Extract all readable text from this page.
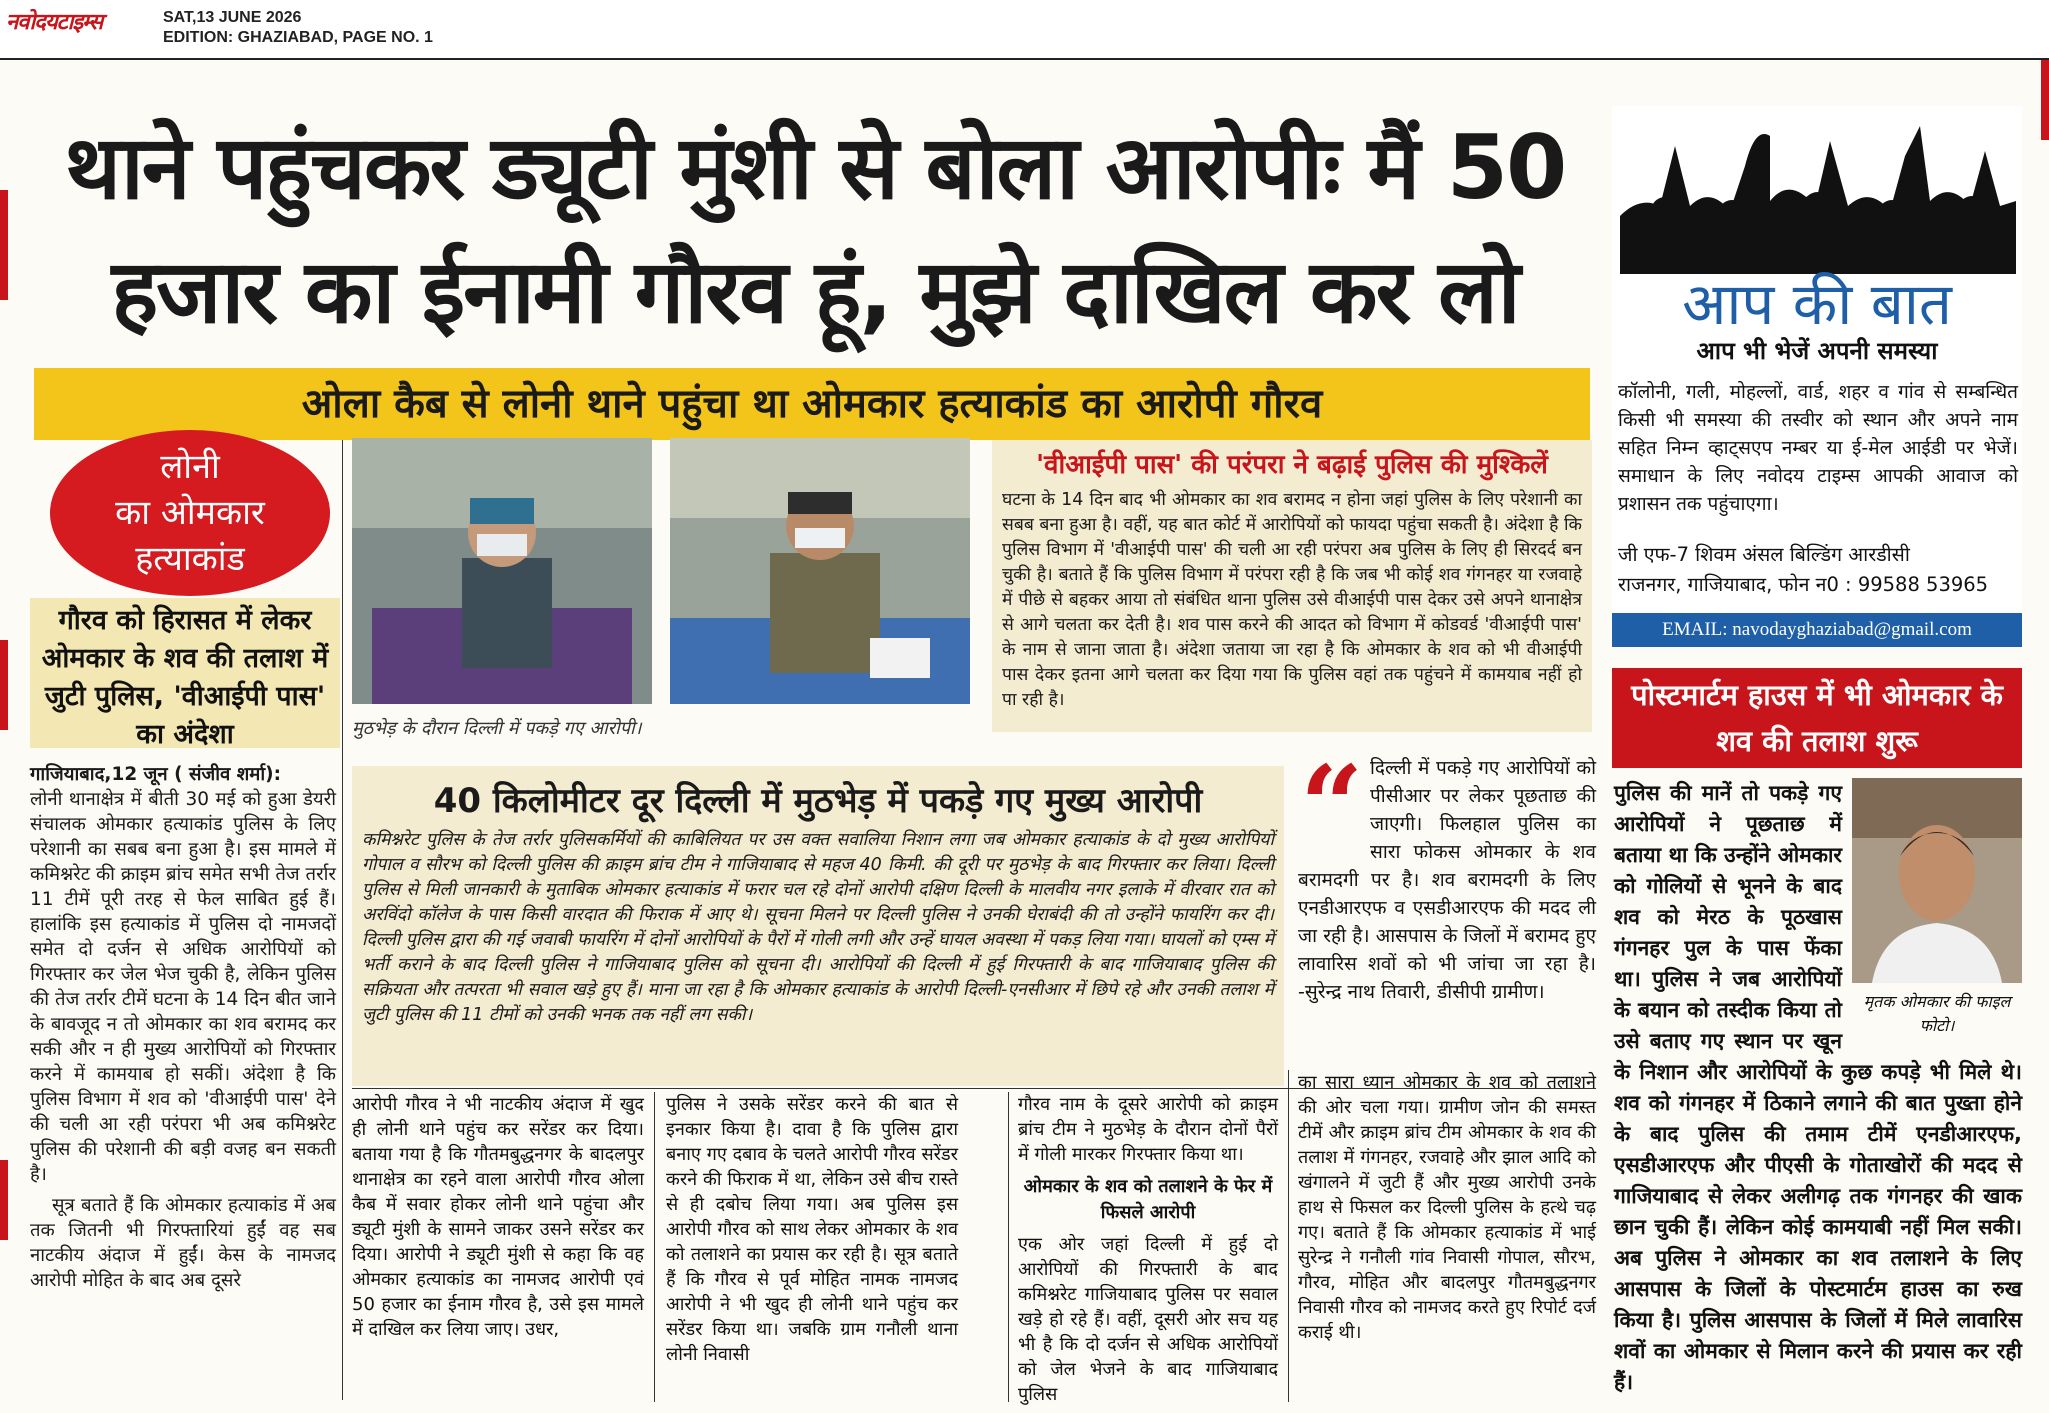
नवोदयटाइम्स	SAT,13 JUNE 2026
EDITION: GHAZIABAD, PAGE NO. 1
थाने पहुंचकर ड्यूटी मुंशी से बोला आरोपीः मैं 50
हजार का ईनामी गौरव हूं, मुझे दाखिल कर लो
ओला कैब से लोनी थाने पहुंचा था ओमकार हत्याकांड का आरोपी गौरव
लोनी
का ओमकार
हत्याकांड
गौरव को हिरासत में लेकर ओमकार के शव की तलाश में जुटी पुलिस, 'वीआईपी पास' का अंदेशा
गाजियाबाद,12 जून ( संजीव शर्मा):
लोनी थानाक्षेत्र में बीती 30 मई को हुआ डेयरी संचालक ओमकार हत्याकांड पुलिस के लिए परेशानी का सबब बना हुआ है। इस मामले में कमिश्नरेट की क्राइम ब्रांच समेत सभी तेज तर्रार 11 टीमें पूरी तरह से फेल साबित हुई हैं। हालांकि इस हत्याकांड में पुलिस दो नामजदों समेत दो दर्जन से अधिक आरोपियों को गिरफ्तार कर जेल भेज चुकी है, लेकिन पुलिस की तेज तर्रार टीमें घटना के 14 दिन बीत जाने के बावजूद न तो ओमकार का शव बरामद कर सकी और न ही मुख्य आरोपियों को गिरफ्तार करने में कामयाब हो सकीं। अंदेशा है कि पुलिस विभाग में शव को 'वीआईपी पास' देने की चली आ रही परंपरा भी अब कमिश्नरेट पुलिस की परेशानी की बड़ी वजह बन सकती है।
सूत्र बताते हैं कि ओमकार हत्याकांड में अब तक जितनी भी गिरफ्तारियां हुईं वह सब नाटकीय अंदाज में हुईं। केस के नामजद आरोपी मोहित के बाद अब दूसरे
मुठभेड़ के दौरान दिल्ली में पकड़े गए आरोपी।
'वीआईपी पास' की परंपरा ने बढ़ाई पुलिस की मुश्किलें
घटना के 14 दिन बाद भी ओमकार का शव बरामद न होना जहां पुलिस के लिए परेशानी का सबब बना हुआ है। वहीं, यह बात कोर्ट में आरोपियों को फायदा पहुंचा सकती है। अंदेशा है कि पुलिस विभाग में 'वीआईपी पास' की चली आ रही परंपरा अब पुलिस के लिए ही सिरदर्द बन चुकी है। बताते हैं कि पुलिस विभाग में परंपरा रही है कि जब भी कोई शव गंगनहर या रजवाहे में पीछे से बहकर आया तो संबंधित थाना पुलिस उसे वीआईपी पास देकर उसे अपने थानाक्षेत्र से आगे चलता कर देती है। शव पास करने की आदत को विभाग में कोडवर्ड 'वीआईपी पास' के नाम से जाना जाता है। अंदेशा जताया जा रहा है कि ओमकार के शव को भी वीआईपी पास देकर इतना आगे चलता कर दिया गया कि पुलिस वहां तक पहुंचने में कामयाब नहीं हो पा रही है।
40 किलोमीटर दूर दिल्ली में मुठभेड़ में पकड़े गए मुख्य आरोपी
कमिश्नरेट पुलिस के तेज तर्रार पुलिसकर्मियों की काबिलियत पर उस वक्त सवालिया निशान लगा जब ओमकार हत्याकांड के दो मुख्य आरोपियों गोपाल व सौरभ को दिल्ली पुलिस की क्राइम ब्रांच टीम ने गाजियाबाद से महज 40 किमी. की दूरी पर मुठभेड़ के बाद गिरफ्तार कर लिया। दिल्ली पुलिस से मिली जानकारी के मुताबिक ओमकार हत्याकांड में फरार चल रहे दोनों आरोपी दक्षिण दिल्ली के मालवीय नगर इलाके में वीरवार रात को अरविंदो कॉलेज के पास किसी वारदात की फिराक में आए थे। सूचना मिलने पर दिल्ली पुलिस ने उनकी घेराबंदी की तो उन्होंने फायरिंग कर दी। दिल्ली पुलिस द्वारा की गई जवाबी फायरिंग में दोनों आरोपियों के पैरों में गोली लगी और उन्हें घायल अवस्था में पकड़ लिया गया। घायलों को एम्स में भर्ती कराने के बाद दिल्ली पुलिस ने गाजियाबाद पुलिस को सूचना दी। आरोपियों की दिल्ली में हुई गिरफ्तारी के बाद गाजियाबाद पुलिस की सक्रियता और तत्परता भी सवाल खड़े हुए हैं। माना जा रहा है कि ओमकार हत्याकांड के आरोपी दिल्ली-एनसीआर में छिपे रहे और उनकी तलाश में जुटी पुलिस की 11 टीमों को उनकी भनक तक नहीं लग सकी।
“ दिल्ली में पकड़े गए आरोपियों को पीसीआर पर लेकर पूछताछ की जाएगी। फिलहाल पुलिस का सारा फोकस ओमकार के शव बरामदगी पर है। शव बरामदगी के लिए एनडीआरएफ व एसडीआरएफ की मदद ली जा रही है। आसपास के जिलों में बरामद हुए लावारिस शवों को भी जांचा जा रहा है। -सुरेन्द्र नाथ तिवारी, डीसीपी ग्रामीण।
आरोपी गौरव ने भी नाटकीय अंदाज में खुद ही लोनी थाने पहुंच कर सरेंडर कर दिया। बताया गया है कि गौतमबुद्धनगर के बादलपुर थानाक्षेत्र का रहने वाला आरोपी गौरव ओला कैब में सवार होकर लोनी थाने पहुंचा और ड्यूटी मुंशी के सामने जाकर उसने सरेंडर कर दिया। आरोपी ने ड्यूटी मुंशी से कहा कि वह ओमकार हत्याकांड का नामजद आरोपी एवं 50 हजार का ईनाम गौरव है, उसे इस मामले में दाखिल कर लिया जाए। उधर,
पुलिस ने उसके सरेंडर करने की बात से इनकार किया है। दावा है कि पुलिस द्वारा बनाए गए दबाव के चलते आरोपी गौरव सरेंडर करने की फिराक में था, लेकिन उसे बीच रास्ते से ही दबोच लिया गया। अब पुलिस इस आरोपी गौरव को साथ लेकर ओमकार के शव को तलाशने का प्रयास कर रही है। सूत्र बताते हैं कि गौरव से पूर्व मोहित नामक नामजद आरोपी ने भी खुद ही लोनी थाने पहुंच कर सरेंडर किया था। जबकि ग्राम गनौली थाना लोनी निवासी
गौरव नाम के दूसरे आरोपी को क्राइम ब्रांच टीम ने मुठभेड़ के दौरान दोनों पैरों में गोली मारकर गिरफ्तार किया था।
ओमकार के शव को तलाशने के फेर में फिसले आरोपी
एक ओर जहां दिल्ली में हुई दो आरोपियों की गिरफ्तारी के बाद कमिश्नरेट गाजियाबाद पुलिस पर सवाल खड़े हो रहे हैं। वहीं, दूसरी ओर सच यह भी है कि दो दर्जन से अधिक आरोपियों को जेल भेजने के बाद गाजियाबाद पुलिस
का सारा ध्यान ओमकार के शव को तलाशने की ओर चला गया। ग्रामीण जोन की समस्त टीमें और क्राइम ब्रांच टीम ओमकार के शव की तलाश में गंगनहर, रजवाहे और झाल आदि को खंगालने में जुटी हैं और मुख्य आरोपी उनके हाथ से फिसल कर दिल्ली पुलिस के हत्थे चढ़ गए। बताते हैं कि ओमकार हत्याकांड में भाई सुरेन्द्र ने गनौली गांव निवासी गोपाल, सौरभ, गौरव, मोहित और बादलपुर गौतमबुद्धनगर निवासी गौरव को नामजद करते हुए रिपोर्ट दर्ज कराई थी।
आप की बात
आप भी भेजें अपनी समस्या
कॉलोनी, गली, मोहल्लों, वार्ड, शहर व गांव से सम्बन्धित किसी भी समस्या की तस्वीर को स्थान और अपने नाम सहित निम्न व्हाट्सएप नम्बर या ई-मेल आईडी पर भेजें। समाधान के लिए नवोदय टाइम्स आपकी आवाज को प्रशासन तक पहुंचाएगा।
जी एफ-7 शिवम अंसल बिल्डिंग आरडीसी
राजनगर, गाजियाबाद, फोन न0 : 99588 53965
EMAIL: navodayghaziabad@gmail.com
पोस्टमार्टम हाउस में भी ओमकार के शव की तलाश शुरू
पुलिस की मानें तो पकड़े गए आरोपियों ने पूछताछ में बताया था कि उन्होंने ओमकार को गोलियों से भूनने के बाद शव को मेरठ के पूठखास गंगनहर पुल के पास फेंका था। पुलिस ने जब आरोपियों के बयान को तस्दीक किया तो उसे बताए गए स्थान पर खून के निशान और आरोपियों के कुछ कपड़े भी मिले थे। शव को गंगनहर में ठिकाने लगाने की बात पुख्ता होने के बाद पुलिस की तमाम टीमें एनडीआरएफ, एसडीआरएफ और पीएसी के गोताखोरों की मदद से गाजियाबाद से लेकर अलीगढ़ तक गंगनहर की खाक छान चुकी हैं। लेकिन कोई कामयाबी नहीं मिल सकी। अब पुलिस ने ओमकार का शव तलाशने के लिए आसपास के जिलों के पोस्टमार्टम हाउस का रुख किया है। पुलिस आसपास के जिलों में मिले लावारिस शवों का ओमकार से मिलान करने की प्रयास कर रही हैं।
मृतक ओमकार की फाइल फोटो।
